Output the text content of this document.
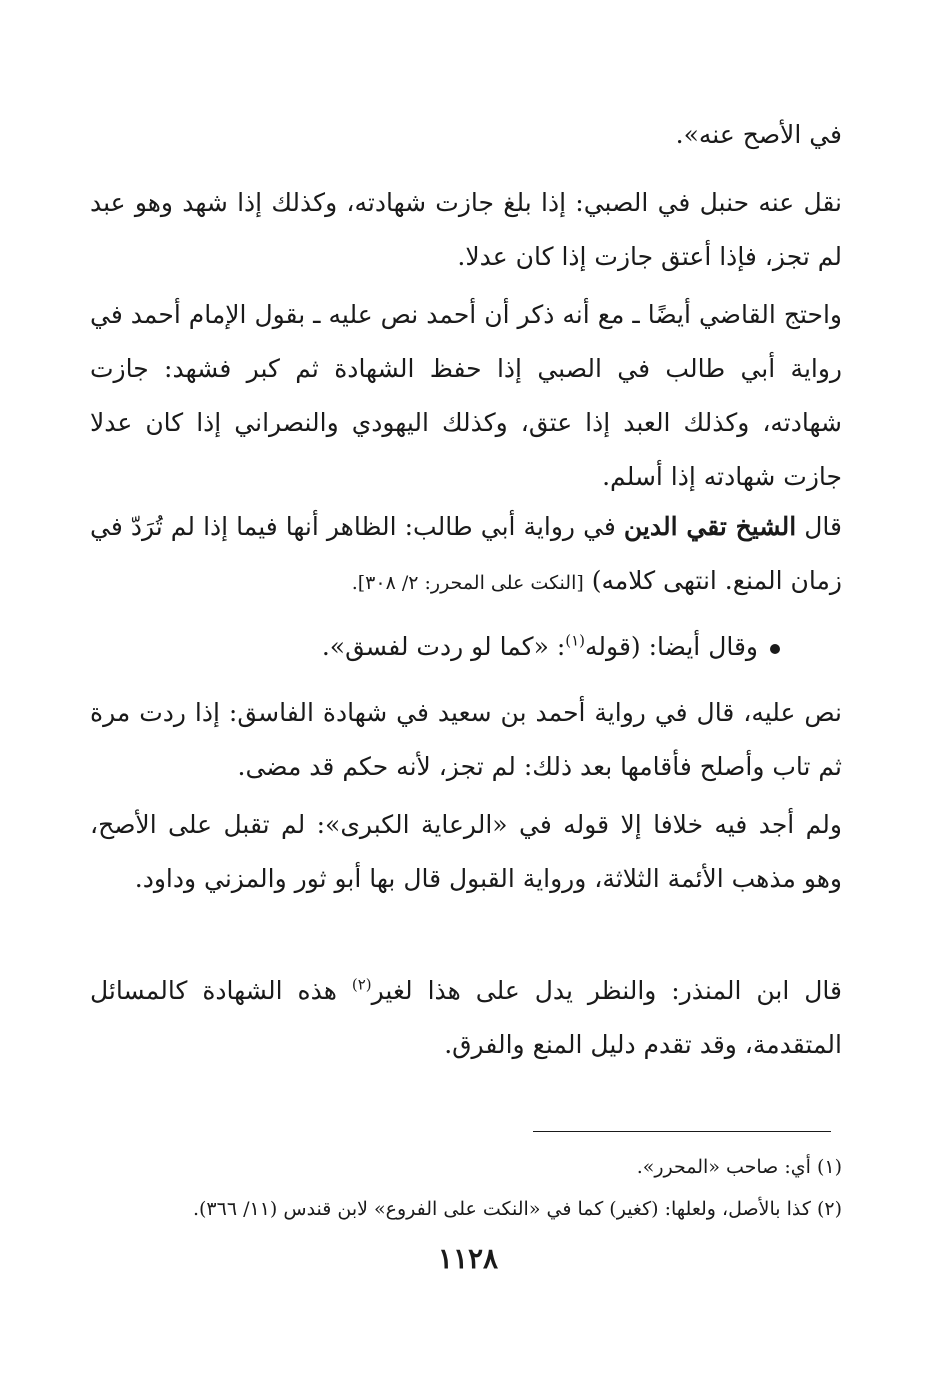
في الأصح عنه».

نقل عنه حنبل في الصبي: إذا بلغ جازت شهادته، وكذلك إذا شهد وهو عبد لم تجز، فإذا أعتق جازت إذا كان عدلا.

واحتج القاضي أيضًا ـ مع أنه ذكر أن أحمد نص عليه ـ بقول الإمام أحمد في رواية أبي طالب في الصبي إذا حفظ الشهادة ثم كبر فشهد: جازت شهادته، وكذلك العبد إذا عتق، وكذلك اليهودي والنصراني إذا كان عدلا جازت شهادته إذا أسلم.

قال الشيخ تقي الدين في رواية أبي طالب: الظاهر أنها فيما إذا لم تُرَدّ في زمان المنع. انتهى كلامه) [النكت على المحرر: ٢/ ٣٠٨].

وقال أيضا: (قوله$^{(١)}$: «كما لو ردت لفسق».

نص عليه، قال في رواية أحمد بن سعيد في شهادة الفاسق: إذا ردت مرة ثم تاب وأصلح فأقامها بعد ذلك: لم تجز، لأنه حكم قد مضى.

ولم أجد فيه خلافا إلا قوله في «الرعاية الكبرى»: لم تقبل على الأصح، وهو مذهب الأئمة الثلاثة، ورواية القبول قال بها أبو ثور والمزني وداود.

قال ابن المنذر: والنظر يدل على هذا لغير$^{(٢)}$ هذه الشهادة كالمسائل المتقدمة، وقد تقدم دليل المنع والفرق.

(١) أي: صاحب «المحرر».
(٢) كذا بالأصل، ولعلها: (كغير) كما في «النكت على الفروع» لابن قندس (١١/ ٣٦٦).
١١٢٨
